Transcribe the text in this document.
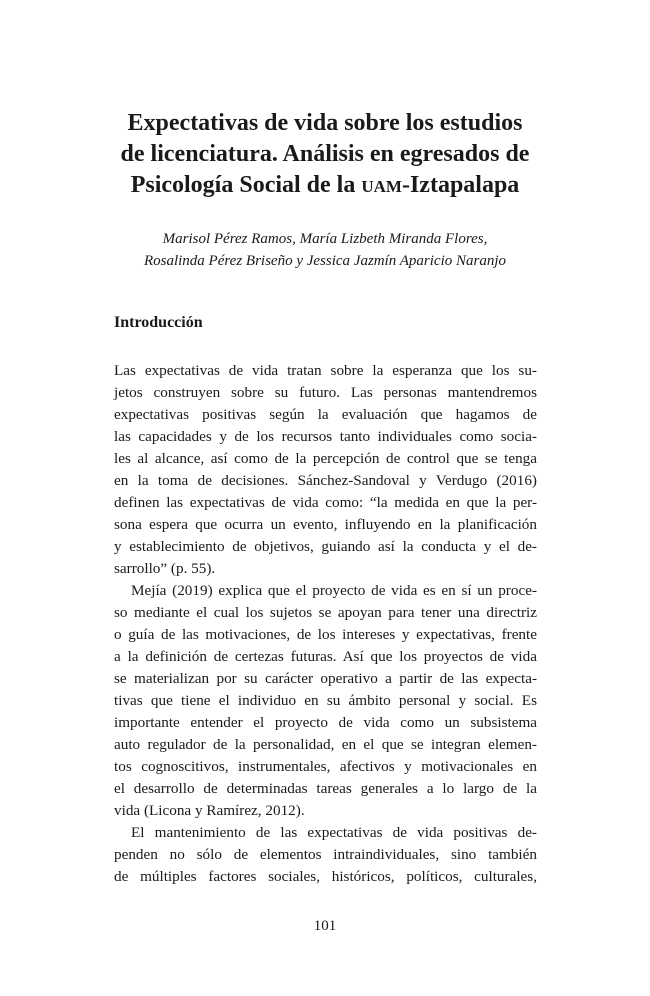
Expectativas de vida sobre los estudios
de licenciatura. Análisis en egresados de
Psicología Social de la uam-Iztapalapa

Marisol Pérez Ramos, María Lizbeth Miranda Flores,
Rosalinda Pérez Briseño y Jessica Jazmín Aparicio Naranjo

Introducción
Las expectativas de vida tratan sobre la esperanza que los su-
jetos construyen sobre su futuro. Las personas mantendremos
expectativas positivas según la evaluación que hagamos de
las capacidades y de los recursos tanto individuales como socia-
les al alcance, así como de la percepción de control que se tenga
en la toma de decisiones. Sánchez-Sandoval y Verdugo (2016)
definen las expectativas de vida como: “la medida en que la per-
sona espera que ocurra un evento, influyendo en la planificación
y establecimiento de objetivos, guiando así la conducta y el de-
sarrollo” (p. 55).
Mejía (2019) explica que el proyecto de vida es en sí un proce-
so mediante el cual los sujetos se apoyan para tener una directriz
o guía de las motivaciones, de los intereses y expectativas, frente
a la definición de certezas futuras. Así que los proyectos de vida
se materializan por su carácter operativo a partir de las expecta-
tivas que tiene el individuo en su ámbito personal y social. Es
importante entender el proyecto de vida como un subsistema
auto regulador de la personalidad, en el que se integran elemen-
tos cognoscitivos, instrumentales, afectivos y motivacionales en
el desarrollo de determinadas tareas generales a lo largo de la
vida (Licona y Ramírez, 2012).
El mantenimiento de las expectativas de vida positivas de-
penden no sólo de elementos intraindividuales, sino también
de múltiples factores sociales, históricos, políticos, culturales,
101
